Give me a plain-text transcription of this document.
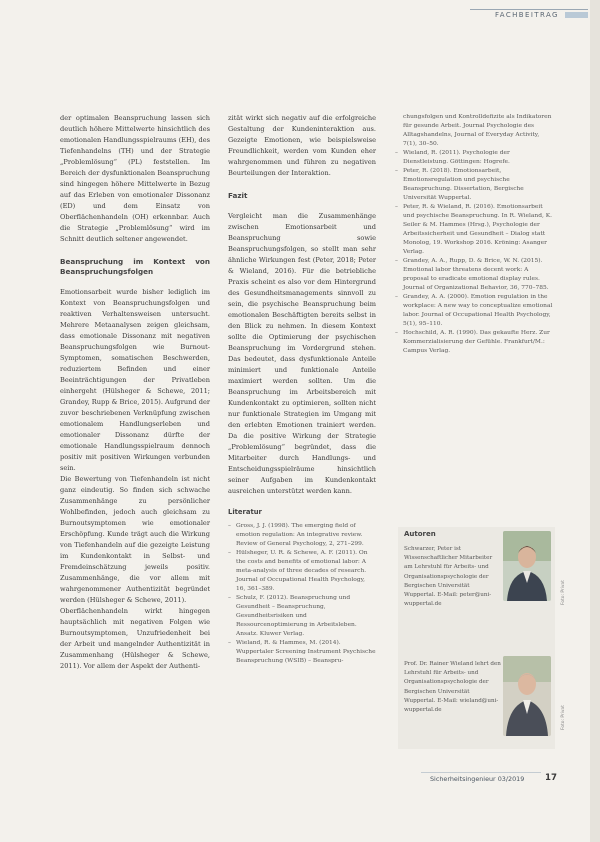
FACHBEITRAG

der optimalen Beanspruchung lassen sich deutlich höhere Mittelwerte hinsichtlich des emotionalen Handlungsspielraums (EH), des Tiefenhandelns (TH) und der Strategie „Problemlösung“ (PL) feststellen. Im Bereich der dysfunktionalen Beanspruchung sind hingegen höhere Mittelwerte in Bezug auf das Erleben von emotionaler Dissonanz (ED) und dem Einsatz von Oberflächenhandeln (OH) erkennbar. Auch die Strategie „Problemlösung“ wird im Schnitt deutlich seltener angewendet.

Beanspruchung im Kontext von Beanspruchungsfolgen

Emotionsarbeit wurde bisher lediglich im Kontext von Beanspruchungsfolgen und reaktiven Verhaltensweisen untersucht. Mehrere Metaanalysen zeigen gleichsam, dass emotionale Dissonanz mit negativen Beanspruchungsfolgen wie Burnout-Symptomen, somatischen Beschwerden, reduziertem Befinden und einer Beeinträchtigungen der Privatleben einhergeht (Hülsheger & Schewe, 2011; Grandey, Rupp & Brice, 2015). Aufgrund der zuvor beschriebenen Verknüpfung zwischen emotionalem Handlungserleben und emotionaler Dissonanz dürfte der emotionale Handlungsspielraum dennoch positiv mit positiven Wirkungen verbunden sein.

Die Bewertung von Tiefenhandeln ist nicht ganz eindeutig. So finden sich schwache Zusammenhänge zu persönlicher Wohlbefinden, jedoch auch gleichsam zu Burnoutsymptomen wie emotionaler Erschöpfung. Kunde trägt auch die Wirkung von Tiefenhandeln auf die gezeigte Leistung im Kundenkontakt in Selbst- und Fremdeinschätzung jeweils positiv. Zusammenhänge, die vor allem mit wahrgenommener Authentizität begründet werden (Hülsheger & Schewe, 2011).

Oberflächenhandeln wirkt hingegen hauptsächlich mit negativen Folgen wie Burnoutsymptomen, Unzufriedenheit bei der Arbeit und mangelnder Authentizität in Zusammenhang (Hülsheger & Schewe, 2011). Vor allem der Aspekt der Authenti-

zität wirkt sich negativ auf die erfolgreiche Gestaltung der Kundeninteraktion aus. Gezeigte Emotionen, wie beispielsweise Freundlichkeit, werden vom Kunden eher wahrgenommen und führen zu negativen Beurteilungen der Interaktion.

Fazit

Vergleicht man die Zusammenhänge zwischen Emotionsarbeit und Beanspruchung sowie Beanspruchungsfolgen, so stellt man sehr ähnliche Wirkungen fest (Peter, 2018; Peter & Wieland, 2016). Für die betriebliche Praxis scheint es also vor dem Hintergrund des Gesundheitsmanagements sinnvoll zu sein, die psychische Beanspruchung beim emotionalen Beschäftigten bereits selbst in den Blick zu nehmen. In diesem Kontext sollte die Optimierung der psychischen Beanspruchung im Vordergrund stehen. Das bedeutet, dass dysfunktionale Anteile minimiert und funktionale Anteile maximiert werden sollten. Um die Beanspruchung im Arbeitsbereich mit Kundenkontakt zu optimieren, sollten nicht nur funktionale Strategien im Umgang mit den erlebten Emotionen trainiert werden. Da die positive Wirkung der Strategie „Problemlösung“ begründet, dass die Mitarbeiter durch Handlungs- und Entscheidungsspielräume hinsichtlich seiner Aufgaben im Kundenkontakt ausreichen unterstützt werden kann.

Literatur

– Gross, J. J. (1998). The emerging field of emotion regulation: An integrative review. Review of General Psychology, 2, 271–299.

– Hülsheger, U. R. & Schewe, A. F. (2011). On the costs and benefits of emotional labor: A meta-analysis of three decades of research. Journal of Occupational Health Psychology, 16, 361–389.

– Schulz, F. (2012). Beanspruchung und Gesundheit – Beanspruchung, Gesundheitsrisiken und Ressourcenoptimierung in Arbeitsleben. Ansatz. Kluwer Verlag.

– Wieland, R. & Hammes, M. (2014). Wuppertaler Screening Instrument Psychische Beanspruchung (WSIB) – Beanspru-

chungsfolgen und Kontrolldefizite als Indikatoren für gesunde Arbeit. Journal Psychologie des Alltagshandelns, Journal of Everyday Activity, 7(1), 30–50.

– Wieland, R. (2011). Psychologie der Dienstleistung. Göttingen: Hogrefe.

– Peter, R. (2018). Emotionsarbeit, Emotionsregulation und psychische Beanspruchung. Dissertation, Bergische Universität Wuppertal.

– Peter, R. & Wieland, R. (2016). Emotionsarbeit und psychische Beanspruchung. In R. Wieland, K. Seiler & M. Hammes (Hrsg.), Psychologie der Arbeitssicherheit und Gesundheit – Dialog statt Monolog, 19. Workshop 2016. Kröning: Asanger Verlag.

– Grandey, A. A., Rupp, D. & Brice, W. N. (2015). Emotional labor threatens decent work: A proposal to eradicate emotional display rules. Journal of Organizational Behavior, 36, 770–785.

– Grandey, A. A. (2000). Emotion regulation in the workplace: A new way to conceptualize emotional labor. Journal of Occupational Health Psychology, 5(1), 95–110.

– Hochschild, A. R. (1990). Das gekaufte Herz. Zur Kommerzialisierung der Gefühle. Frankfurt/M.: Campus Verlag.

Autoren
Schwarzer, Peter ist Wissenschaftlicher Mitarbeiter am Lehrstuhl für Arbeits- und Organisationspsychologie der Bergischen Universität Wuppertal. E-Mail: peter@uni-wuppertal.de
Prof. Dr. Rainer Wieland lehrt den Lehrstuhl für Arbeits- und Organisationspsychologie der Bergischen Universität Wuppertal. E-Mail: wieland@uni-wuppertal.de
Foto: Privat
Foto: Privat
Sicherheitsingenieur 03/2019 17
